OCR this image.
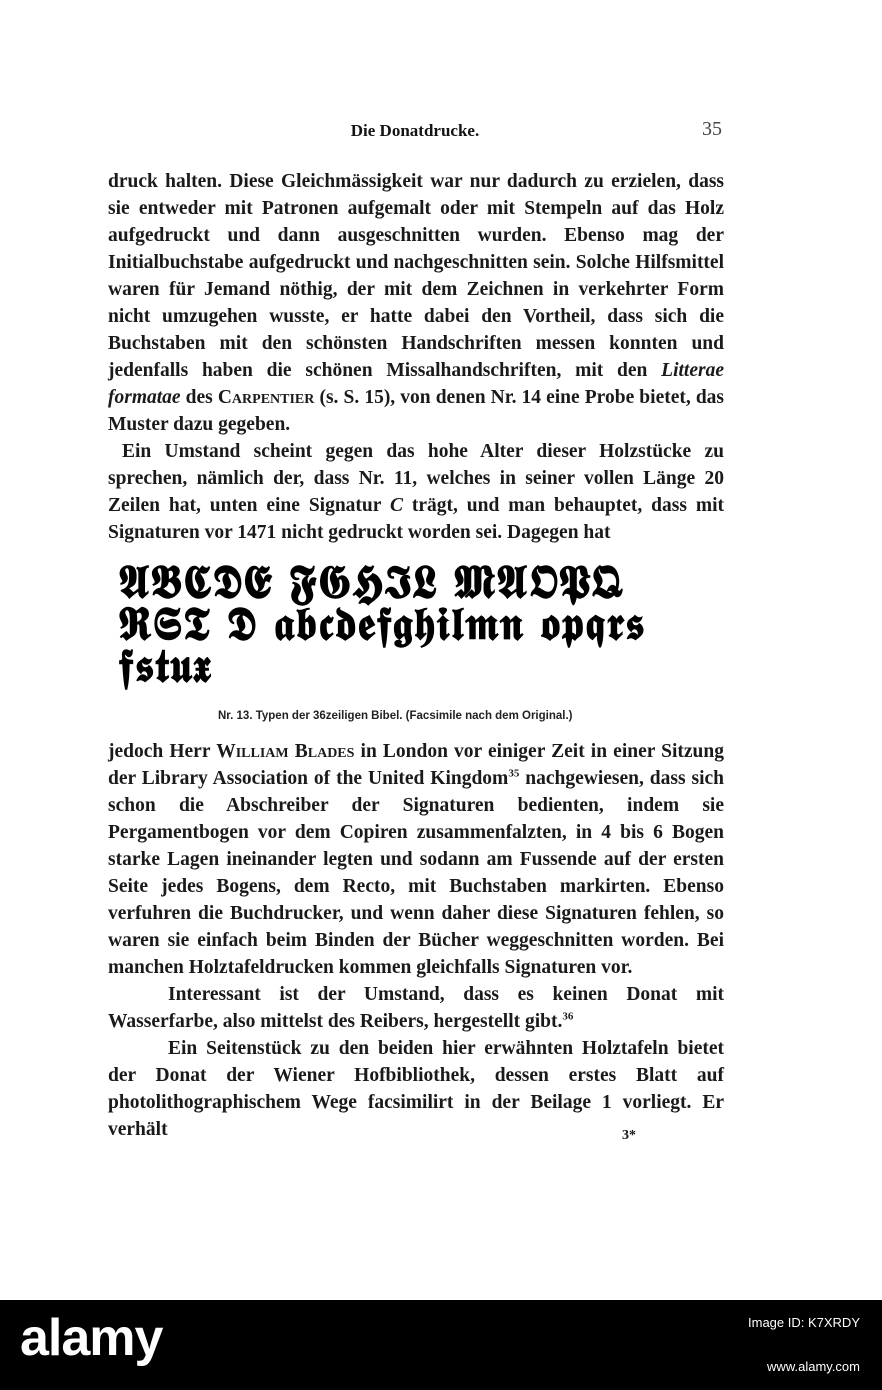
Die Donatdrucke.	35

druck halten. Diese Gleichmässigkeit war nur dadurch zu erzielen, dass sie entweder mit Patronen aufgemalt oder mit Stempeln auf das Holz aufgedruckt und dann ausgeschnitten wurden. Ebenso mag der Initialbuchstabe aufgedruckt und nachgeschnitten sein. Solche Hilfsmittel waren für Jemand nöthig, der mit dem Zeichnen in verkehrter Form nicht umzugehen wusste, er hatte dabei den Vortheil, dass sich die Buchstaben mit den schönsten Handschriften messen konnten und jedenfalls haben die schönen Missalhandschriften, mit den Litterae formatae des Carpentier (s. S. 15), von denen Nr. 14 eine Probe bietet, das Muster dazu gegeben.

Ein Umstand scheint gegen das hohe Alter dieser Holzstücke zu sprechen, nämlich der, dass Nr. 11, welches in seiner vollen Länge 20 Zeilen hat, unten eine Signatur C trägt, und man behauptet, dass mit Signaturen vor 1471 nicht gedruckt worden sei. Dagegen hat

𝕬𝕭𝕮𝕯𝕰 𝕱𝕲𝕳𝕴𝕷 𝕸𝕬𝕺𝕻𝕼
𝕽𝕾𝕿 𝕯 𝖆𝖇𝖈𝖉𝖊𝖋𝖌𝖍𝖎𝖑𝖒𝖓 𝖔𝖕𝖖𝖗𝖘
𝖋𝖘𝖙𝖚𝖝
Nr. 13. Typen der 36zeiligen Bibel. (Facsimile nach dem Original.)

jedoch Herr William Blades in London vor einiger Zeit in einer Sitzung der Library Association of the United Kingdom$^{35}$ nachgewiesen, dass sich schon die Abschreiber der Signaturen bedienten, indem sie Pergamentbogen vor dem Copiren zusammenfalzten, in 4 bis 6 Bogen starke Lagen ineinander legten und sodann am Fussende auf der ersten Seite jedes Bogens, dem Recto, mit Buchstaben markirten. Ebenso verfuhren die Buchdrucker, und wenn daher diese Signaturen fehlen, so waren sie einfach beim Binden der Bücher weggeschnitten worden. Bei manchen Holztafeldrucken kommen gleichfalls Signaturen vor.

Interessant ist der Umstand, dass es keinen Donat mit Wasserfarbe, also mittelst des Reibers, hergestellt gibt.$^{36}$

Ein Seitenstück zu den beiden hier erwähnten Holztafeln bietet der Donat der Wiener Hofbibliothek, dessen erstes Blatt auf photolithographischem Wege facsimilirt in der Beilage 1 vorliegt. Er verhält	3*
alamy	Image ID: K7XRDY
www.alamy.com
